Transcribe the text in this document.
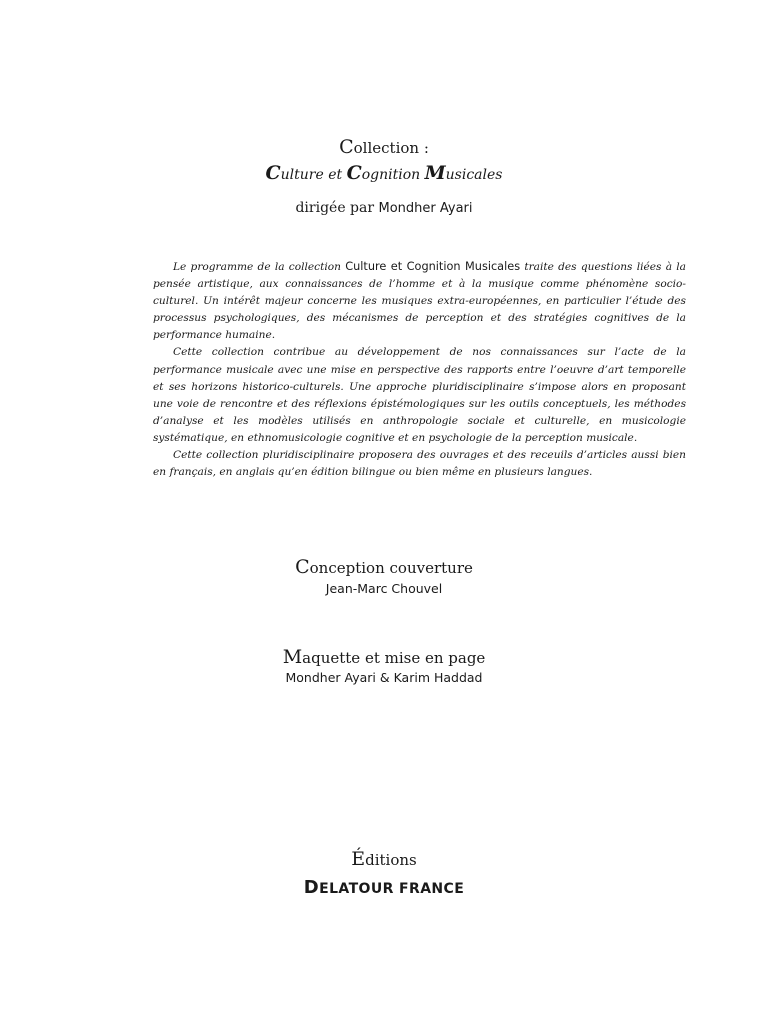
Collection :
Culture et Cognition Musicales
dirigée par Mondher Ayari

Le programme de la collection Culture et Cognition Musicales traite des questions liées à la pensée artistique, aux connaissances de l’homme et à la musique comme phénomène socio-culturel. Un intérêt majeur concerne les musiques extra-européennes, en particulier l’étude des processus psychologiques, des mécanismes de perception et des stratégies cognitives de la performance humaine.

Cette collection contribue au développement de nos connaissances sur l’acte de la performance musicale avec une mise en perspective des rapports entre l’oeuvre d’art temporelle et ses horizons historico-culturels. Une approche pluridisciplinaire s’impose alors en proposant une voie de rencontre et des réflexions épistémologiques sur les outils conceptuels, les méthodes d’analyse et les modèles utilisés en anthropologie sociale et culturelle, en musicologie systématique, en ethnomusicologie cognitive et en psychologie de la perception musicale.

Cette collection pluridisciplinaire proposera des ouvrages et des receuils d’articles aussi bien en français, en anglais qu’en édition bilingue ou bien même en plusieurs langues.

Conception couverture
Jean-Marc Chouvel
Maquette et mise en page
Mondher Ayari & Karim Haddad
Éditions
DELATOUR FRANCE
